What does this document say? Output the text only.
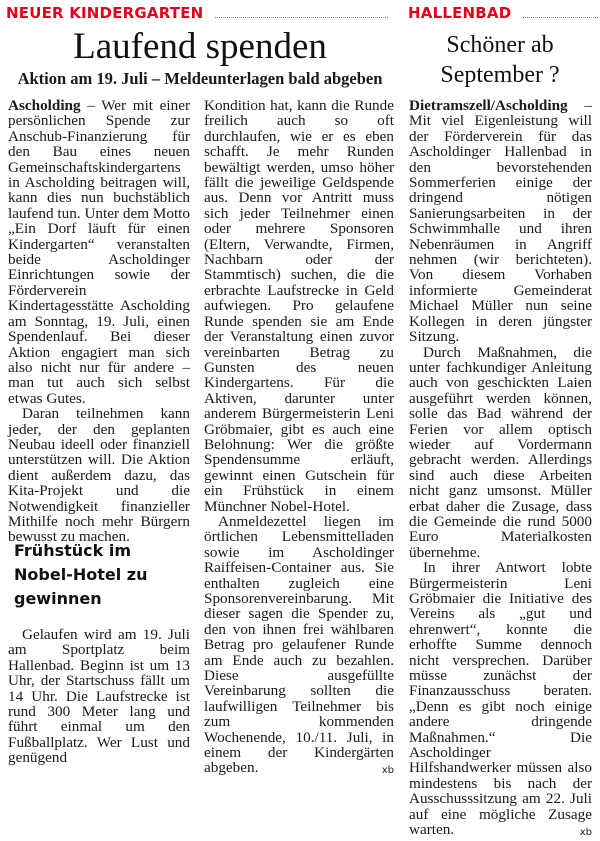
NEUER KINDERGARTEN
Laufend spenden
Aktion am 19. Juli – Meldeunterlagen bald abgeben

Ascholding – Wer mit einer persönlichen Spende zur Anschub-Finanzierung für den Bau eines neuen Gemeinschaftskindergartens in Ascholding beitragen will, kann dies nun buchstäblich laufend tun. Unter dem Motto „Ein Dorf läuft für einen Kindergarten“ veranstalten beide Ascholdinger Einrichtungen sowie der Förderverein Kindertagesstätte Ascholding am Sonntag, 19. Juli, einen Spendenlauf. Bei dieser Aktion engagiert man sich also nicht nur für andere – man tut auch sich selbst etwas Gutes.

Daran teilnehmen kann jeder, der den geplanten Neubau ideell oder finanziell unterstützen will. Die Aktion dient außerdem dazu, das Kita-Projekt und die Notwendigkeit finanzieller Mithilfe noch mehr Bürgern bewusst zu machen.

Frühstück im Nobel-Hotel zu gewinnen

Gelaufen wird am 19. Juli am Sportplatz beim Hallenbad. Beginn ist um 13 Uhr, der Startschuss fällt um 14 Uhr. Die Laufstrecke ist rund 300 Meter lang und führt einmal um den Fußballplatz. Wer Lust und genügend

Kondition hat, kann die Runde freilich auch so oft durchlaufen, wie er es eben schafft. Je mehr Runden bewältigt werden, umso höher fällt die jeweilige Geldspende aus. Denn vor Antritt muss sich jeder Teilnehmer einen oder mehrere Sponsoren (Eltern, Verwandte, Firmen, Nachbarn oder der Stammtisch) suchen, die die erbrachte Laufstrecke in Geld aufwiegen. Pro gelaufene Runde spenden sie am Ende der Veranstaltung einen zuvor vereinbarten Betrag zu Gunsten des neuen Kindergartens. Für die Aktiven, darunter unter anderem Bürgermeisterin Leni Gröbmaier, gibt es auch eine Belohnung: Wer die größte Spendensumme erläuft, gewinnt einen Gutschein für ein Frühstück in einem Münchner Nobel-Hotel.

Anmeldezettel liegen im örtlichen Lebensmittelladen sowie im Ascholdinger Raiffeisen-Container aus. Sie enthalten zugleich eine Sponsorenvereinbarung. Mit dieser sagen die Spender zu, den von ihnen frei wählbaren Betrag pro gelaufener Runde am Ende auch zu bezahlen. Diese ausgefüllte Vereinbarung sollten die laufwilligen Teilnehmer bis zum kommenden Wochenende, 10./11. Juli, in einem der Kindergärten abgeben.	xb

HALLENBAD
Schöner ab September ?

Dietramszell/Ascholding – Mit viel Eigenleistung will der Förderverein für das Ascholdinger Hallenbad in den bevorstehenden Sommerferien einige der dringend nötigen Sanierungsarbeiten in der Schwimmhalle und ihren Nebenräumen in Angriff nehmen (wir berichteten). Von diesem Vorhaben informierte Gemeinderat Michael Müller nun seine Kollegen in deren jüngster Sitzung.

Durch Maßnahmen, die unter fachkundiger Anleitung auch von geschickten Laien ausgeführt werden können, solle das Bad während der Ferien vor allem optisch wieder auf Vordermann gebracht werden. Allerdings sind auch diese Arbeiten nicht ganz umsonst. Müller erbat daher die Zusage, dass die Gemeinde die rund 5000 Euro Materialkosten übernehme.

In ihrer Antwort lobte Bürgermeisterin Leni Gröbmaier die Initiative des Vereins als „gut und ehrenwert“, konnte die erhoffte Summe dennoch nicht versprechen. Darüber müsse zunächst der Finanzausschuss beraten. „Denn es gibt noch einige andere dringende Maßnahmen.“ Die Ascholdinger Hilfshandwerker müssen also mindestens bis nach der Ausschusssitzung am 22. Juli auf eine mögliche Zusage warten.	xb
